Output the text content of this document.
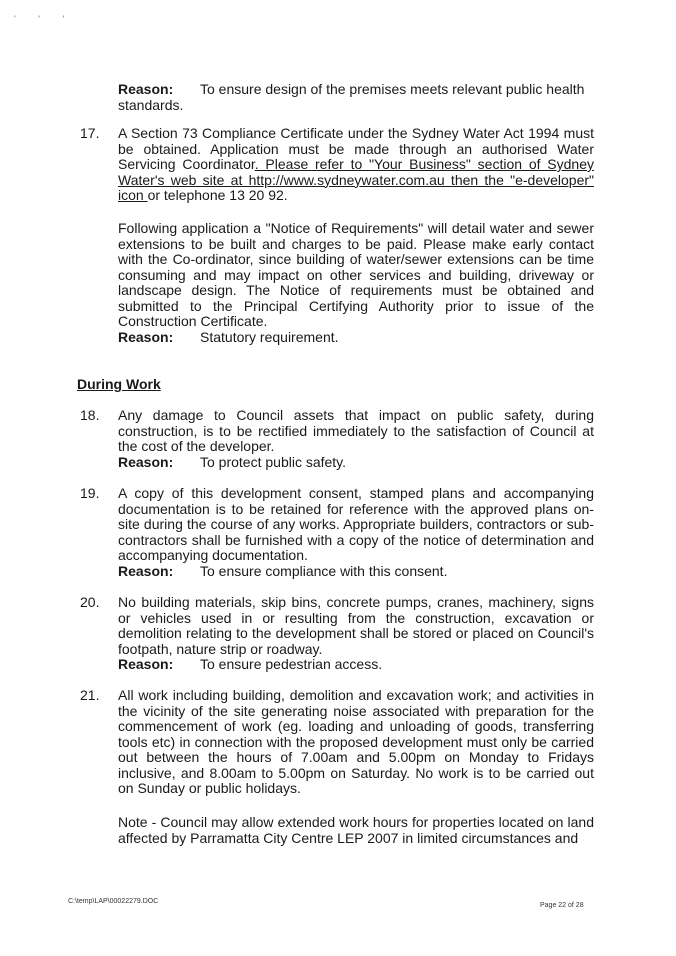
' ' '
Reason: To ensure design of the premises meets relevant public health
standards.
17. A Section 73 Compliance Certificate under the Sydney Water Act 1994 must be obtained. Application must be made through an authorised Water Servicing Coordinator. Please refer to "Your Business" section of Sydney Water's web site at http://www.sydneywater.com.au then the "e-developer" icon or telephone 13 20 92.
Following application a "Notice of Requirements" will detail water and sewer extensions to be built and charges to be paid. Please make early contact with the Co-ordinator, since building of water/sewer extensions can be time consuming and may impact on other services and building, driveway or landscape design. The Notice of requirements must be obtained and submitted to the Principal Certifying Authority prior to issue of the Construction Certificate.
Reason: Statutory requirement.
During Work
18. Any damage to Council assets that impact on public safety, during construction, is to be rectified immediately to the satisfaction of Council at the cost of the developer.
Reason: To protect public safety.
19. A copy of this development consent, stamped plans and accompanying documentation is to be retained for reference with the approved plans on-site during the course of any works. Appropriate builders, contractors or sub-contractors shall be furnished with a copy of the notice of determination and accompanying documentation.
Reason: To ensure compliance with this consent.
20. No building materials, skip bins, concrete pumps, cranes, machinery, signs or vehicles used in or resulting from the construction, excavation or demolition relating to the development shall be stored or placed on Council's footpath, nature strip or roadway.
Reason: To ensure pedestrian access.
21. All work including building, demolition and excavation work; and activities in the vicinity of the site generating noise associated with preparation for the commencement of work (eg. loading and unloading of goods, transferring tools etc) in connection with the proposed development must only be carried out between the hours of 7.00am and 5.00pm on Monday to Fridays inclusive, and 8.00am to 5.00pm on Saturday. No work is to be carried out on Sunday or public holidays.
Note - Council may allow extended work hours for properties located on land affected by Parramatta City Centre LEP 2007 in limited circumstances and
C:\temp\LAP\00022279.DOC
Page 22 of 28
